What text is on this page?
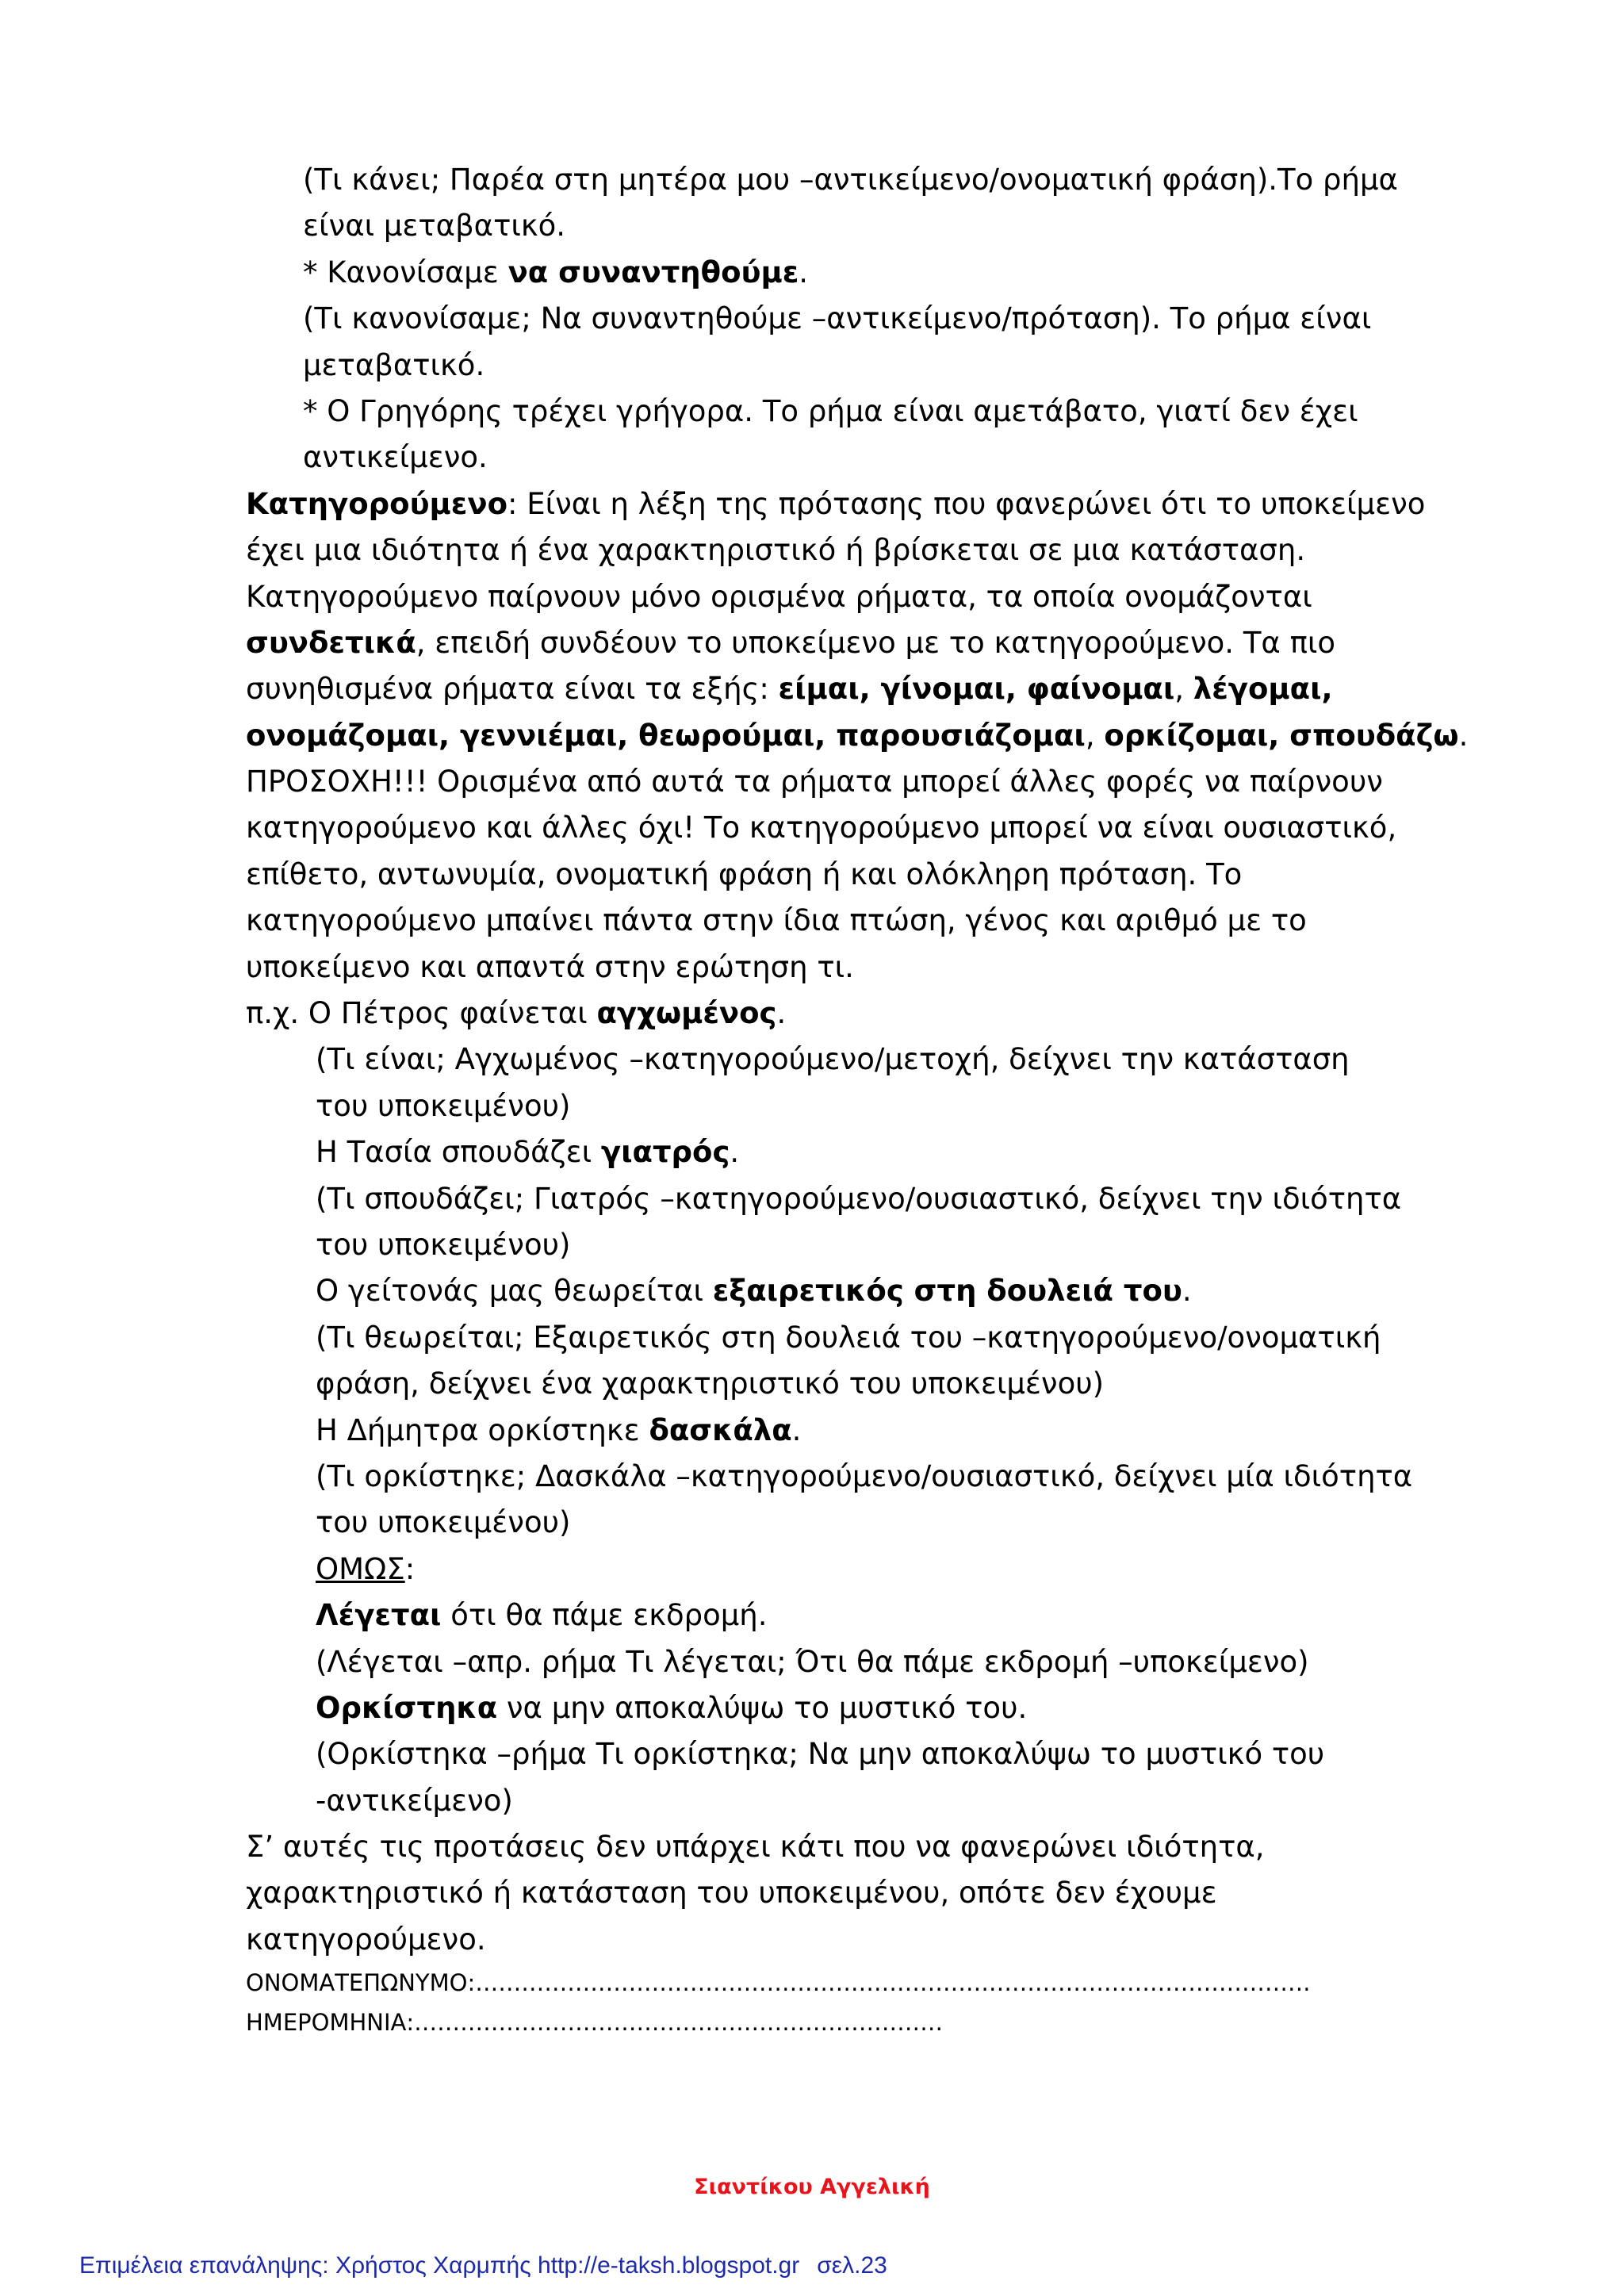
(Τι κάνει; Παρέα στη μητέρα μου –αντικείμενο/ονοματική φράση).Το ρήμα
είναι μεταβατικό.
* Κανονίσαμε να συναντηθούμε.
(Τι κανονίσαμε; Να συναντηθούμε –αντικείμενο/πρόταση). Το ρήμα είναι
μεταβατικό.
* Ο Γρηγόρης τρέχει γρήγορα. Το ρήμα είναι αμετάβατο, γιατί δεν έχει
αντικείμενο.
Κατηγορούμενο: Είναι η λέξη της πρότασης που φανερώνει ότι το υποκείμενο
έχει μια ιδιότητα ή ένα χαρακτηριστικό ή βρίσκεται σε μια κατάσταση.
Κατηγορούμενο παίρνουν μόνο ορισμένα ρήματα, τα οποία ονομάζονται
συνδετικά, επειδή συνδέουν το υποκείμενο με το κατηγορούμενο. Τα πιο
συνηθισμένα ρήματα είναι τα εξής: είμαι, γίνομαι, φαίνομαι, λέγομαι,
ονομάζομαι, γεννιέμαι, θεωρούμαι, παρουσιάζομαι, ορκίζομαι, σπουδάζω.
ΠΡΟΣΟΧΗ!!! Ορισμένα από αυτά τα ρήματα μπορεί άλλες φορές να παίρνουν
κατηγορούμενο και άλλες όχι! Το κατηγορούμενο μπορεί να είναι ουσιαστικό,
επίθετο, αντωνυμία, ονοματική φράση ή και ολόκληρη πρόταση. Το
κατηγορούμενο μπαίνει πάντα στην ίδια πτώση, γένος και αριθμό με το
υποκείμενο και απαντά στην ερώτηση τι.
π.χ. Ο Πέτρος φαίνεται αγχωμένος.
(Τι είναι; Αγχωμένος –κατηγορούμενο/μετοχή, δείχνει την κατάσταση
του υποκειμένου)
Η Τασία σπουδάζει γιατρός.
(Τι σπουδάζει; Γιατρός –κατηγορούμενο/ουσιαστικό, δείχνει την ιδιότητα
του υποκειμένου)
Ο γείτονάς μας θεωρείται εξαιρετικός στη δουλειά του.
(Τι θεωρείται; Εξαιρετικός στη δουλειά του –κατηγορούμενο/ονοματική
φράση, δείχνει ένα χαρακτηριστικό του υποκειμένου)
Η Δήμητρα ορκίστηκε δασκάλα.
(Τι ορκίστηκε; Δασκάλα –κατηγορούμενο/ουσιαστικό, δείχνει μία ιδιότητα
του υποκειμένου)
ΟΜΩΣ:
Λέγεται ότι θα πάμε εκδρομή.
(Λέγεται –απρ. ρήμα Τι λέγεται; Ότι θα πάμε εκδρομή –υποκείμενο)
Ορκίστηκα να μην αποκαλύψω το μυστικό του.
(Ορκίστηκα –ρήμα Τι ορκίστηκα; Να μην αποκαλύψω το μυστικό του
-αντικείμενο)
Σ’ αυτές τις προτάσεις δεν υπάρχει κάτι που να φανερώνει ιδιότητα,
χαρακτηριστικό ή κατάσταση του υποκειμένου, οπότε δεν έχουμε
κατηγορούμενο.
ΟΝΟΜΑΤΕΠΩΝΥΜΟ:……………………………………………………………………………………………….
ΗΜΕΡΟΜΗΝΙΑ:……………………………………………………………
Σιαντίκου Αγγελική
Επιμέλεια επανάληψης: Χρήστος Χαρμπής http://e-taksh.blogspot.gr σελ.23
